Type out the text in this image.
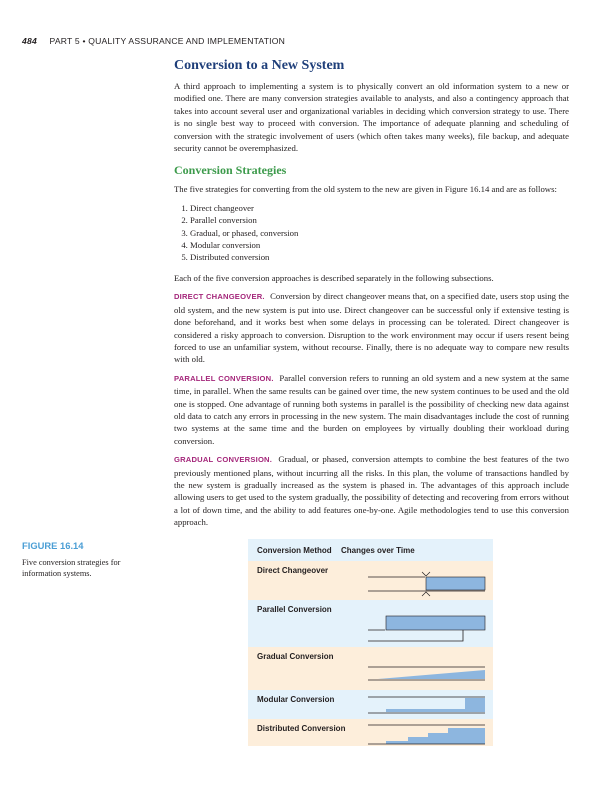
484 PART 5 • QUALITY ASSURANCE AND IMPLEMENTATION
Conversion to a New System

A third approach to implementing a system is to physically convert an old information system to a new or modified one. There are many conversion strategies available to analysts, and also a contingency approach that takes into account several user and organizational variables in deciding which conversion strategy to use. There is no single best way to proceed with conversion. The importance of adequate planning and scheduling of conversion with the strategic involvement of users (which often takes many weeks), file backup, and adequate security cannot be overemphasized.

Conversion Strategies

The five strategies for converting from the old system to the new are given in Figure 16.14 and are as follows:

1. Direct changeover
2. Parallel conversion
3. Gradual, or phased, conversion
4. Modular conversion
5. Distributed conversion

Each of the five conversion approaches is described separately in the following subsections.

DIRECT CHANGEOVER. Conversion by direct changeover means that, on a specified date, users stop using the old system, and the new system is put into use. Direct changeover can be successful only if extensive testing is done beforehand, and it works best when some delays in processing can be tolerated. Direct changeover is considered a risky approach to conversion. Disruption to the work environment may occur if users resent being forced to use an unfamiliar system, without recourse. Finally, there is no adequate way to compare new results with old.

PARALLEL CONVERSION. Parallel conversion refers to running an old system and a new system at the same time, in parallel. When the same results can be gained over time, the new system continues to be used and the old one is stopped. One advantage of running both systems in parallel is the possibility of checking new data against old data to catch any errors in processing in the new system. The main disadvantages include the cost of running two systems at the same time and the burden on employees by virtually doubling their workload during conversion.

GRADUAL CONVERSION. Gradual, or phased, conversion attempts to combine the best features of the two previously mentioned plans, without incurring all the risks. In this plan, the volume of transactions handled by the new system is gradually increased as the system is phased in. The advantages of this approach include allowing users to get used to the system gradually, the possibility of detecting and recovering from errors without a lot of down time, and the ability to add features one-by-one. Agile methodologies tend to use this conversion approach.

FIGURE 16.14
Five conversion strategies for information systems.
Conversion Method Changes over Time
Direct Changeover
Parallel Conversion
Gradual Conversion
Modular Conversion
Distributed Conversion
